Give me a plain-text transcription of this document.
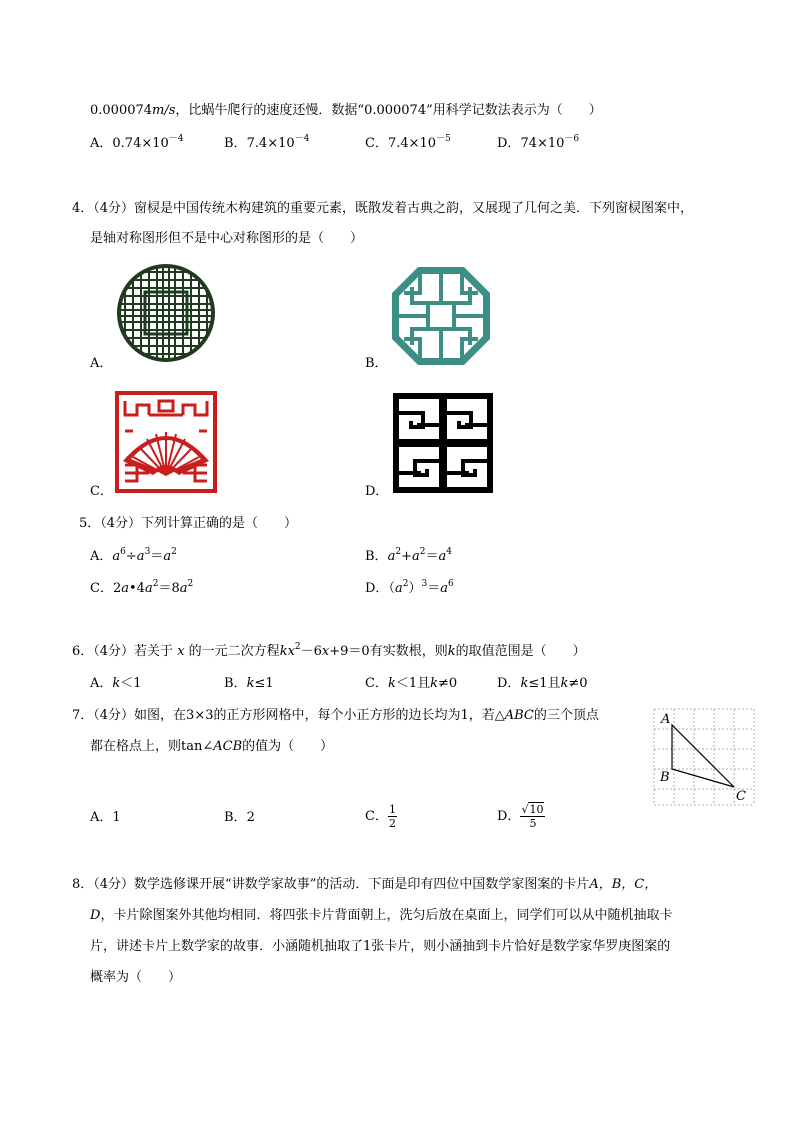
0.000074m/s，比蜗牛爬行的速度还慢．数据“0.000074”用科学记数法表示为（　　）
A．$0.74\times 10^{-4}$	B．$7.4\times 10^{-4}$	C．$7.4\times 10^{-5}$	D．$74\times 10^{-6}$
4．（4分）窗棂是中国传统木构建筑的重要元素，既散发着古典之韵，又展现了几何之美．下列窗棂图案中，
是轴对称图形但不是中心对称图形的是（　　）
A．	B．
C．	D．
5．（4分）下列计算正确的是（　　）
A．$a^6\div a^3=a^2$	B．$a^2+a^2=a^4$
C．$2a•4a^2=8a^2$	D．$(a^2)^3=a^6$
6．（4分）若关于 x 的一元二次方程$kx^2-6x+9=0$有实数根，则k的取值范围是（　　）
A．k＜1	B．k≤1	C．k＜1且k≠0	D．k≤1且k≠0
7．（4分）如图，在3×3的正方形网格中，每个小正方形的边长均为1，若△ABC的三个顶点
都在格点上，则tan∠ACB的值为（　　）
A
B
C
A．1	B．2	C． $\frac{1}{2}$	D． $\frac{√10}{5}$
8．（4分）数学选修课开展“讲数学家故事”的活动．下面是印有四位中国数学家图案的卡片A，B，C，
D，卡片除图案外其他均相同．将四张卡片背面朝上，洗匀后放在桌面上，同学们可以从中随机抽取卡
片，讲述卡片上数学家的故事．小涵随机抽取了1张卡片，则小涵抽到卡片恰好是数学家华罗庚图案的
概率为（　　）
